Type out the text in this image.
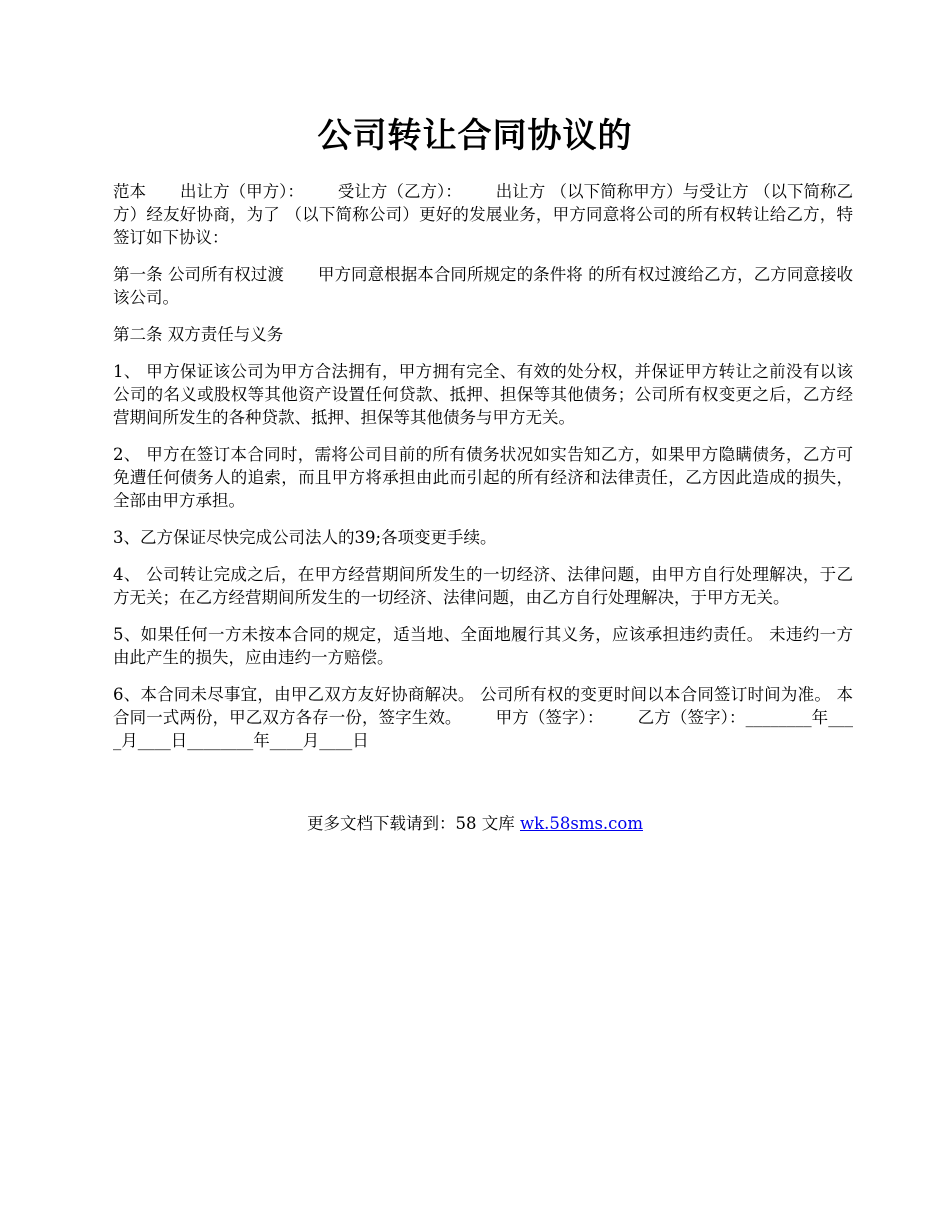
公司转让合同协议的

范本 出让方（甲方）： 受让方（乙方）： 出让方 （以下简称甲方）与受让方 （以下简称乙方）经友好协商，为了 （以下简称公司）更好的发展业务，甲方同意将公司的所有权转让给乙方，特签订如下协议：

第一条 公司所有权过渡 甲方同意根据本合同所规定的条件将 的所有权过渡给乙方，乙方同意接收该公司。

第二条 双方责任与义务

1、 甲方保证该公司为甲方合法拥有，甲方拥有完全、有效的处分权，并保证甲方转让之前没有以该公司的名义或股权等其他资产设置任何贷款、抵押、担保等其他债务；公司所有权变更之后，乙方经营期间所发生的各种贷款、抵押、担保等其他债务与甲方无关。

2、 甲方在签订本合同时，需将公司目前的所有债务状况如实告知乙方，如果甲方隐瞒债务，乙方可免遭任何债务人的追索，而且甲方将承担由此而引起的所有经济和法律责任，乙方因此造成的损失，全部由甲方承担。

3、乙方保证尽快完成公司法人的39;各项变更手续。

4、 公司转让完成之后，在甲方经营期间所发生的一切经济、法律问题，由甲方自行处理解决，于乙方无关；在乙方经营期间所发生的一切经济、法律问题，由乙方自行处理解决，于甲方无关。

5、如果任何一方未按本合同的规定，适当地、全面地履行其义务，应该承担违约责任。 未违约一方由此产生的损失，应由违约一方赔偿。

6、本合同未尽事宜，由甲乙双方友好协商解决。 公司所有权的变更时间以本合同签订时间为准。 本合同一式两份，甲乙双方各存一份，签字生效。 甲方（签字）： 乙方（签字）：________年____月____日________年____月____日

更多文档下载请到：58 文库 wk.58sms.com
